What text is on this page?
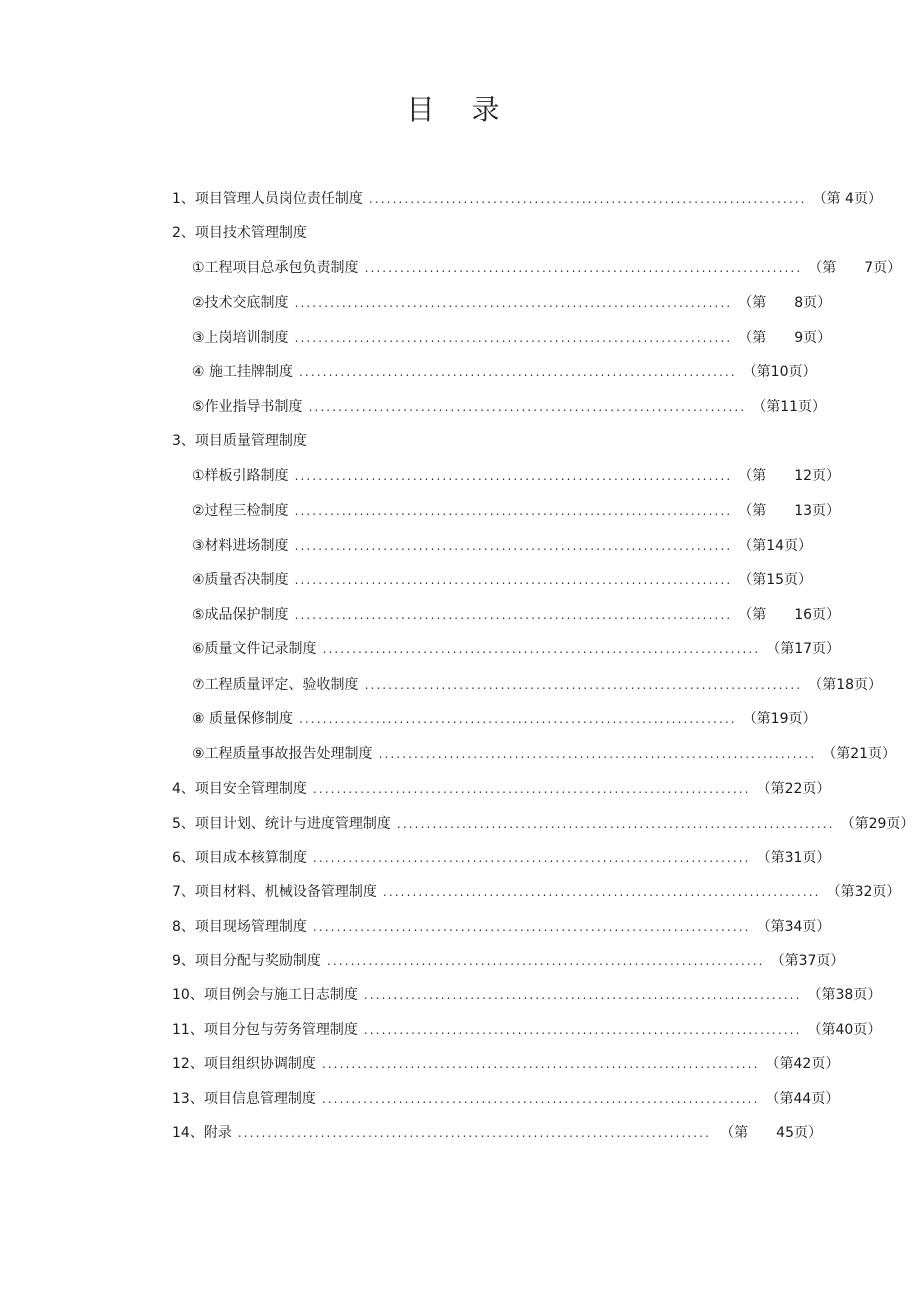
目 录
1、项目管理人员岗位责任制度 .......................................................................... （第 4页）
2、项目技术管理制度
①工程项目总承包负责制度 .......................................................................... （第　　7页）
②技术交底制度 .......................................................................... （第　　8页）
③上岗培训制度 .......................................................................... （第　　9页）
④ 施工挂牌制度 .......................................................................... （第10页）
⑤作业指导书制度 .......................................................................... （第11页）
3、项目质量管理制度
①样板引路制度 .......................................................................... （第　　12页）
②过程三检制度 .......................................................................... （第　　13页）
③材料进场制度 .......................................................................... （第14页）
④质量否决制度 .......................................................................... （第15页）
⑤成品保护制度 .......................................................................... （第　　16页）
⑥质量文件记录制度 .......................................................................... （第17页）
⑦工程质量评定、验收制度 .......................................................................... （第18页）
⑧ 质量保修制度 .......................................................................... （第19页）
⑨工程质量事故报告处理制度 .......................................................................... （第21页）
4、项目安全管理制度 .......................................................................... （第22页）
5、项目计划、统计与进度管理制度 .......................................................................... （第29页）
6、项目成本核算制度 .......................................................................... （第31页）
7、项目材料、机械设备管理制度 .......................................................................... （第32页）
8、项目现场管理制度 .......................................................................... （第34页）
9、项目分配与奖励制度 .......................................................................... （第37页）
10、项目例会与施工日志制度 .......................................................................... （第38页）
11、项目分包与劳务管理制度 .......................................................................... （第40页）
12、项目组织协调制度 .......................................................................... （第42页）
13、项目信息管理制度 .......................................................................... （第44页）
14、附录 ................................................................................ （第　　45页）
